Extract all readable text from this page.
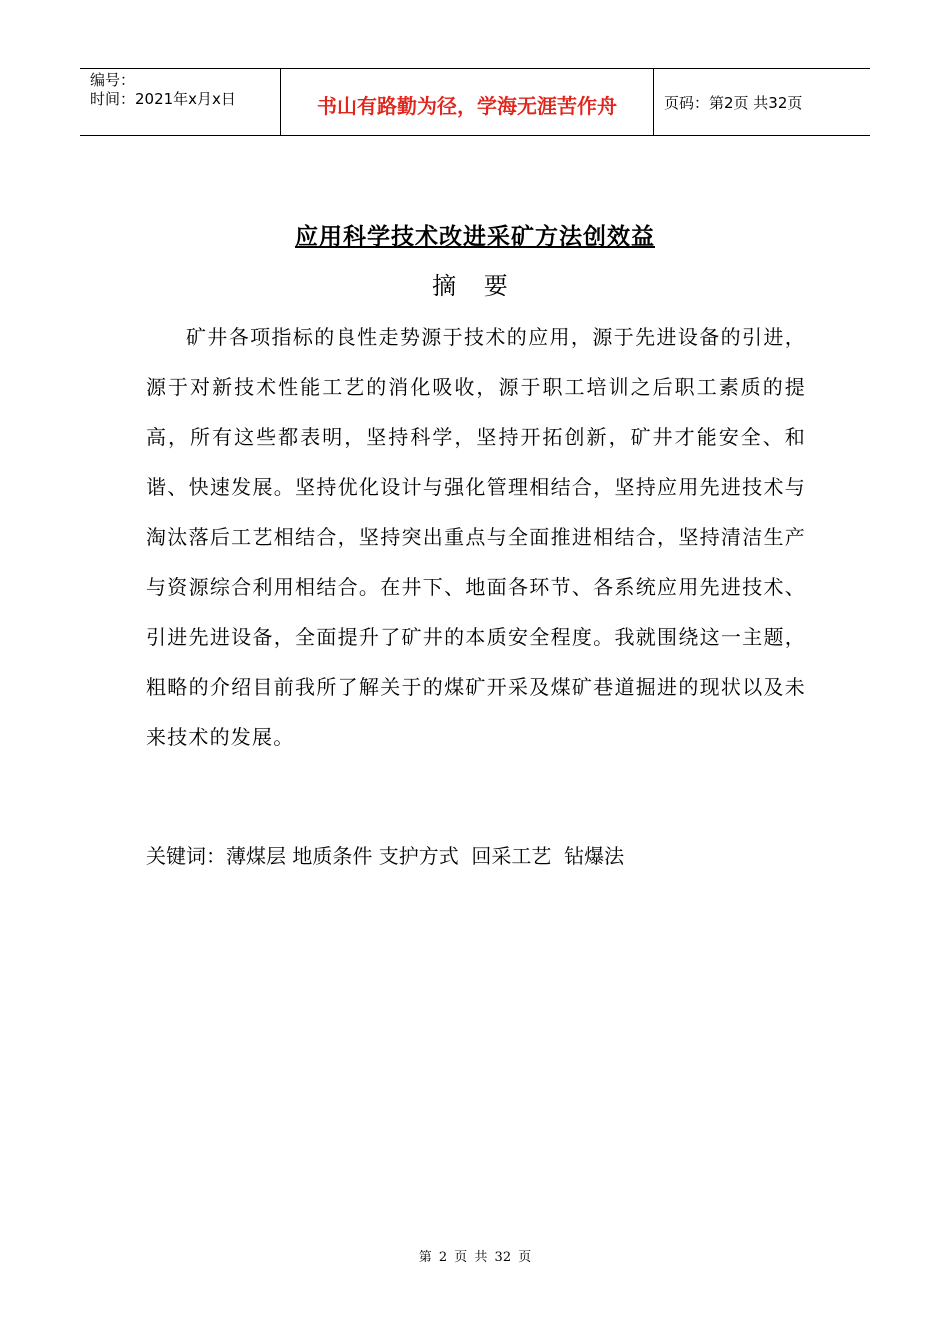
编号：
时间：2021年x月x日	书山有路勤为径，学海无涯苦作舟	页码：第2页 共32页
应用科学技术改进采矿方法创效益
摘 要

矿井各项指标的良性走势源于技术的应用，源于先进设备的引进，源于对新技术性能工艺的消化吸收，源于职工培训之后职工素质的提高，所有这些都表明，坚持科学，坚持开拓创新，矿井才能安全、和谐、快速发展。坚持优化设计与强化管理相结合，坚持应用先进技术与淘汰落后工艺相结合，坚持突出重点与全面推进相结合，坚持清洁生产与资源综合利用相结合。在井下、地面各环节、各系统应用先进技术、引进先进设备，全面提升了矿井的本质安全程度。我就围绕这一主题，粗略的介绍目前我所了解关于的煤矿开采及煤矿巷道掘进的现状以及未来技术的发展。

关键词：薄煤层 地质条件 支护方式  回采工艺  钻爆法
第 2 页 共 32 页
